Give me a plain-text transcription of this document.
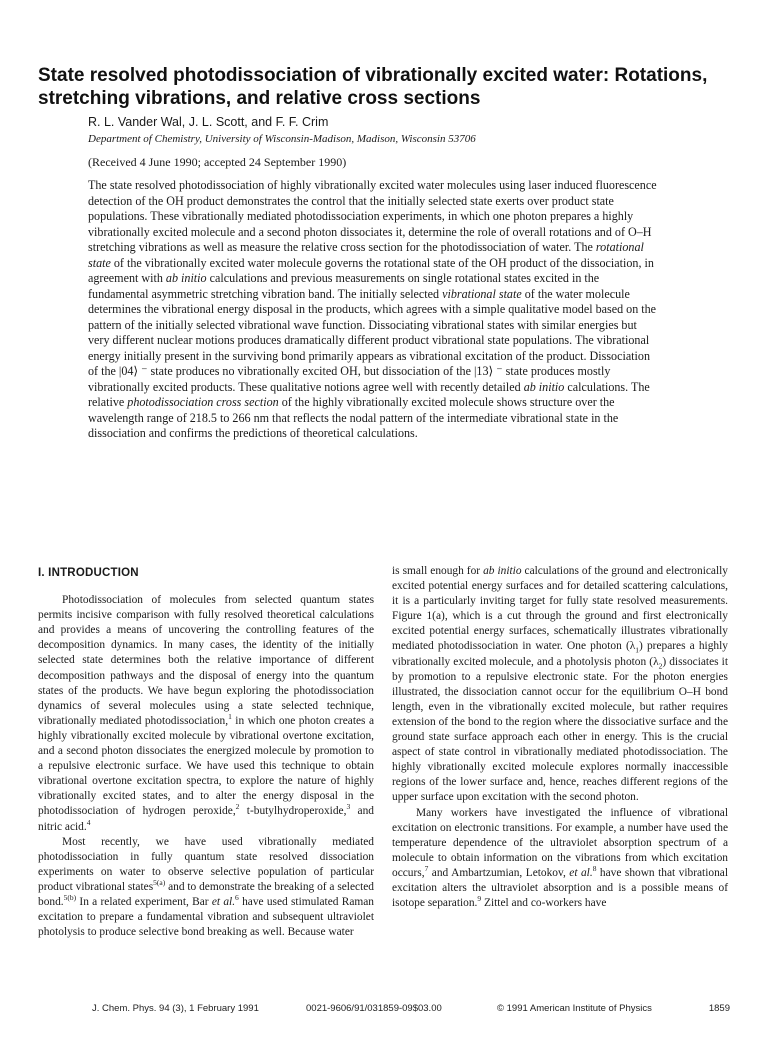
State resolved photodissociation of vibrationally excited water: Rotations, stretching vibrations, and relative cross sections

R. L. Vander Wal, J. L. Scott, and F. F. Crim

Department of Chemistry, University of Wisconsin-Madison, Madison, Wisconsin 53706

(Received 4 June 1990; accepted 24 September 1990)

The state resolved photodissociation of highly vibrationally excited water molecules using laser induced fluorescence detection of the OH product demonstrates the control that the initially selected state exerts over product state populations. These vibrationally mediated photodissociation experiments, in which one photon prepares a highly vibrationally excited molecule and a second photon dissociates it, determine the role of overall rotations and of O–H stretching vibrations as well as measure the relative cross section for the photodissociation of water. The rotational state of the vibrationally excited water molecule governs the rotational state of the OH product of the dissociation, in agreement with ab initio calculations and previous measurements on single rotational states excited in the fundamental asymmetric stretching vibration band. The initially selected vibrational state of the water molecule determines the vibrational energy disposal in the products, which agrees with a simple qualitative model based on the pattern of the initially selected vibrational wave function. Dissociating vibrational states with similar energies but very different nuclear motions produces dramatically different product vibrational state populations. The vibrational energy initially present in the surviving bond primarily appears as vibrational excitation of the product. Dissociation of the |04⟩ ⁻ state produces no vibrationally excited OH, but dissociation of the |13⟩ ⁻ state produces mostly vibrationally excited products. These qualitative notions agree well with recently detailed ab initio calculations. The relative photodissociation cross section of the highly vibrationally excited molecule shows structure over the wavelength range of 218.5 to 266 nm that reflects the nodal pattern of the intermediate vibrational state in the dissociation and confirms the predictions of theoretical calculations.

I. INTRODUCTION

Photodissociation of molecules from selected quantum states permits incisive comparison with fully resolved theoretical calculations and provides a means of uncovering the controlling features of the decomposition dynamics. In many cases, the identity of the initially selected state determines both the relative importance of different decomposition pathways and the disposal of energy into the quantum states of the products. We have begun exploring the photodissociation dynamics of several molecules using a state selected technique, vibrationally mediated photodissociation,$^1$ in which one photon creates a highly vibrationally excited molecule by vibrational overtone excitation, and a second photon dissociates the energized molecule by promotion to a repulsive electronic surface. We have used this technique to obtain vibrational overtone excitation spectra, to explore the nature of highly vibrationally excited states, and to alter the energy disposal in the photodissociation of hydrogen peroxide,$^2$ t-butylhydroperoxide,$^3$ and nitric acid.$^4$

Most recently, we have used vibrationally mediated photodissociation in fully quantum state resolved dissociation experiments on water to observe selective population of particular product vibrational states$^{5(a)}$ and to demonstrate the breaking of a selected bond.$^{5(b)}$ In a related experiment, Bar et al.$^6$ have used stimulated Raman excitation to prepare a fundamental vibration and subsequent ultraviolet photolysis to produce selective bond breaking as well. Because water

is small enough for ab initio calculations of the ground and electronically excited potential energy surfaces and for detailed scattering calculations, it is a particularly inviting target for fully state resolved measurements. Figure 1(a), which is a cut through the ground and first electronically excited potential energy surfaces, schematically illustrates vibrationally mediated photodissociation in water. One photon $(\lambda_1)$ prepares a highly vibrationally excited molecule, and a photolysis photon $(\lambda_2)$ dissociates it by promotion to a repulsive electronic state. For the photon energies illustrated, the dissociation cannot occur for the equilibrium O–H bond length, even in the vibrationally excited molecule, but rather requires extension of the bond to the region where the dissociative surface and the ground state surface approach each other in energy. This is the crucial aspect of state control in vibrationally mediated photodissociation. The highly vibrationally excited molecule explores normally inaccessible regions of the lower surface and, hence, reaches different regions of the upper surface upon excitation with the second photon.

Many workers have investigated the influence of vibrational excitation on electronic transitions. For example, a number have used the temperature dependence of the ultraviolet absorption spectrum of a molecule to obtain information on the vibrations from which excitation occurs,$^7$ and Ambartzumian, Letokov, et al.$^8$ have shown that vibrational excitation alters the ultraviolet absorption and is a possible means of isotope separation.$^9$ Zittel and co-workers have

J. Chem. Phys. 94 (3), 1 February 1991	0021-9606/91/031859-09$03.00	© 1991 American Institute of Physics	1859
